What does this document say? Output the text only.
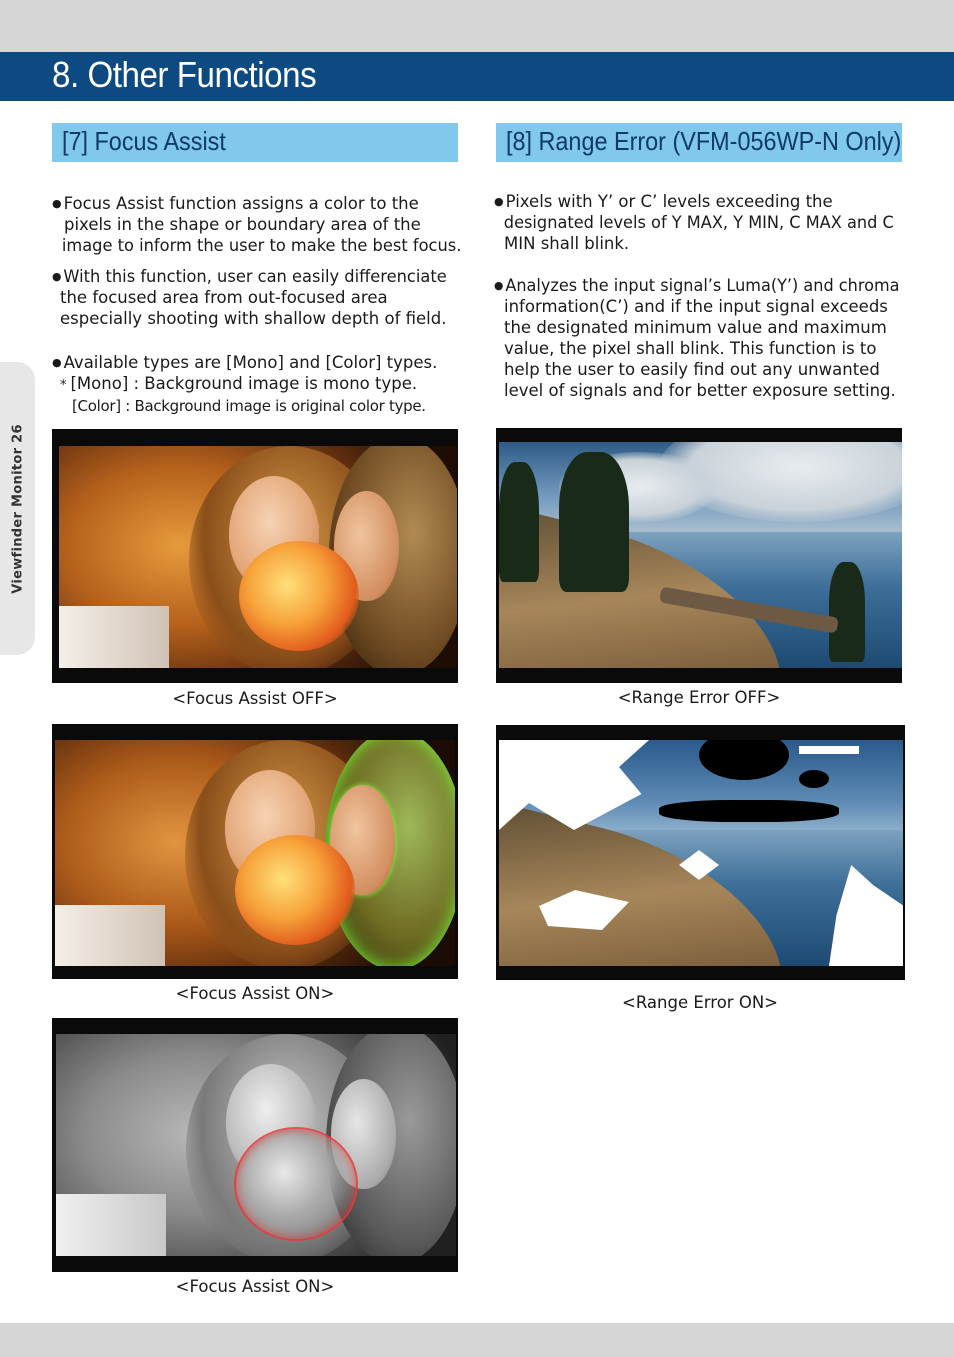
8. Other Functions
Viewfinder Monitor 26
[7] Focus Assist
● Focus Assist function assigns a color to the
pixels in the shape or boundary area of the
image to inform the user to make the best focus.
● With this function, user can easily differenciate
the focused area from out-focused area
especially shooting with shallow depth of field.
● Available types are [Mono] and [Color] types.
* [Mono] : Background image is mono type.
[Color] : Background image is original color type.
<Focus Assist OFF>
<Focus Assist ON>
<Focus Assist ON>
[8] Range Error (VFM-056WP-N Only)
● Pixels with Y’ or C’ levels exceeding the
designated levels of Y MAX, Y MIN, C MAX and C
MIN shall blink.
● Analyzes the input signal’s Luma(Y’) and chroma
information(C’) and if the input signal exceeds
the designated minimum value and maximum
value, the pixel shall blink. This function is to
help the user to easily find out any unwanted
level of signals and for better exposure setting.
<Range Error OFF>
<Range Error ON>
